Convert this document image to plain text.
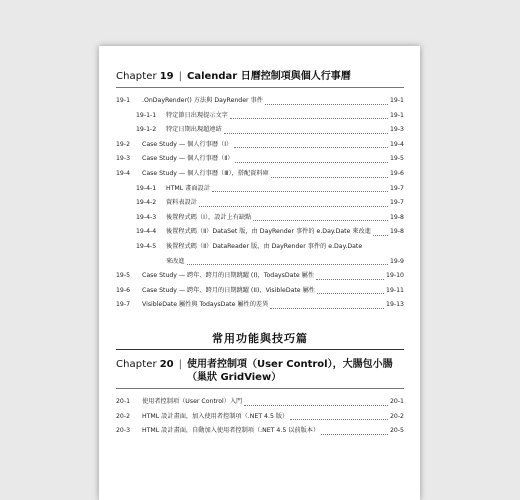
Chapter 19 | Calendar 日曆控制項與個人行事曆
19-1	.OnDayRender() 方法與 DayRender 事件	19-1
19-1-1	特定節日出現提示文字	19-1
19-1-2	特定日期出現超連結	19-3
19-2	Case Study — 個人行事曆（Ⅰ）	19-4
19-3	Case Study — 個人行事曆（Ⅱ）	19-5
19-4	Case Study — 個人行事曆（Ⅲ），搭配資料庫	19-6
19-4-1	HTML 畫面設計	19-7
19-4-2	資料表設計	19-7
19-4-3	後置程式碼（Ⅰ），設計上有缺點	19-8
19-4-4	後置程式碼（Ⅱ）DataSet 版，由 DayRender 事件的 e.Day.Date 來改進	19-8
19-4-5	後置程式碼（Ⅱ）DataReader 版，由 DayRender 事件的 e.Day.Date
來改進	19-9
19-5	Case Study — 跨年、跨月的日期跳躍 (I)，TodaysDate 屬性	19-10
19-6	Case Study — 跨年、跨月的日期跳躍 (II)，VisibleDate 屬性	19-11
19-7	VisibleDate 屬性與 TodaysDate 屬性的差異	19-13
常用功能與技巧篇
Chapter 20 | 使用者控制項（User Control），大腸包小腸
（巢狀 GridView）
20-1	使用者控制項（User Control）入門	20-1
20-2	HTML 設計畫面，加入使用者控制項（.NET 4.5 版）	20-2
20-3	HTML 設計畫面，自動加入使用者控制項（.NET 4.5 以前版本）	20-5
